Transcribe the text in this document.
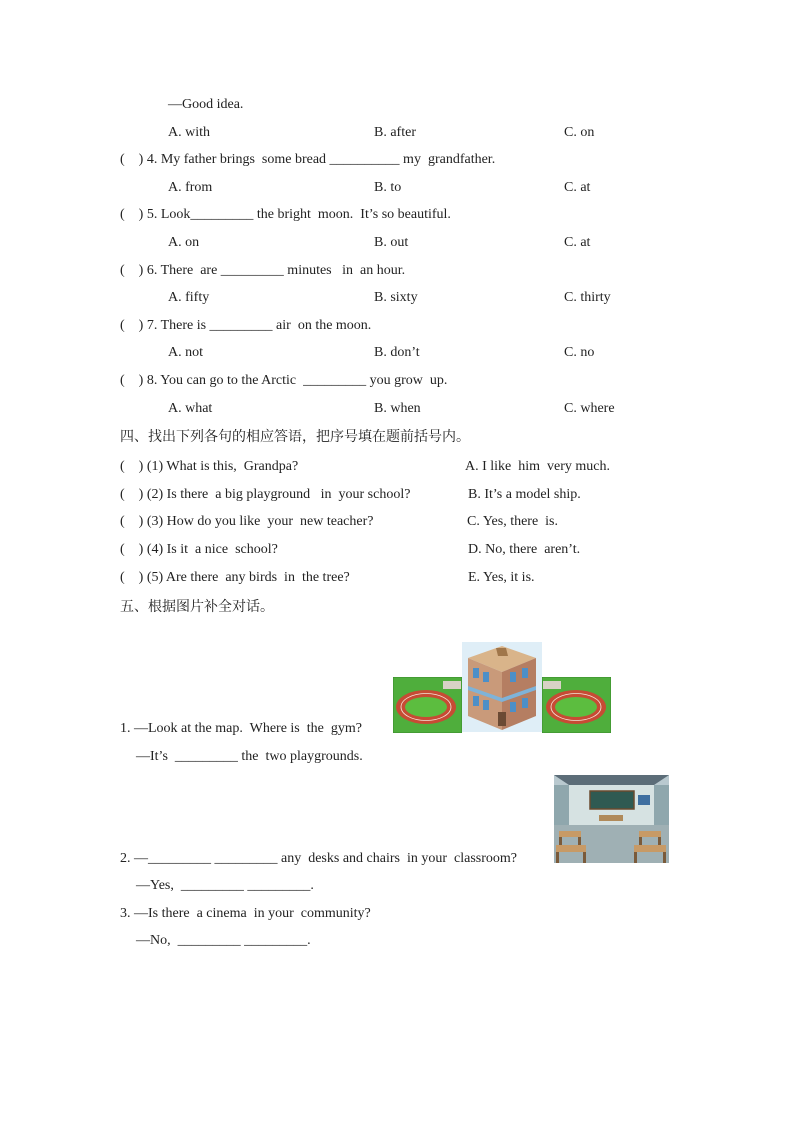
—Good idea.
A. with	B. after	C. on
(    ) 4. My father brings  some bread __________ my  grandfather.
A. from	B. to	C. at
(    ) 5. Look_________ the bright  moon.  It’s so beautiful.
A. on	B. out	C. at
(    ) 6. There  are _________ minutes   in  an hour.
A. fifty	B. sixty	C. thirty
(    ) 7. There is _________ air  on the moon.
A. not	B. don’t	C. no
(    ) 8. You can go to the Arctic  _________ you grow  up.
A. what	B. when	C. where
四、找出下列各句的相应答语，把序号填在题前括号内。
(    ) (1) What is this,  Grandpa?	A. I like  him  very much.
(    ) (2) Is there  a big playground   in  your school?	B. It’s a model ship.
(    ) (3) How do you like  your  new teacher?	C. Yes, there  is.
(    ) (4) Is it  a nice  school?	D. No, there  aren’t.
(    ) (5) Are there  any birds  in  the tree?	E. Yes, it is.
五、根据图片补全对话。
1. —Look at the map.  Where is  the  gym?
—It’s  _________ the  two playgrounds.
2. —_________ _________ any  desks and chairs  in your  classroom?
—Yes,  _________ _________.
3. —Is there  a cinema  in your  community?
—No,  _________ _________.
